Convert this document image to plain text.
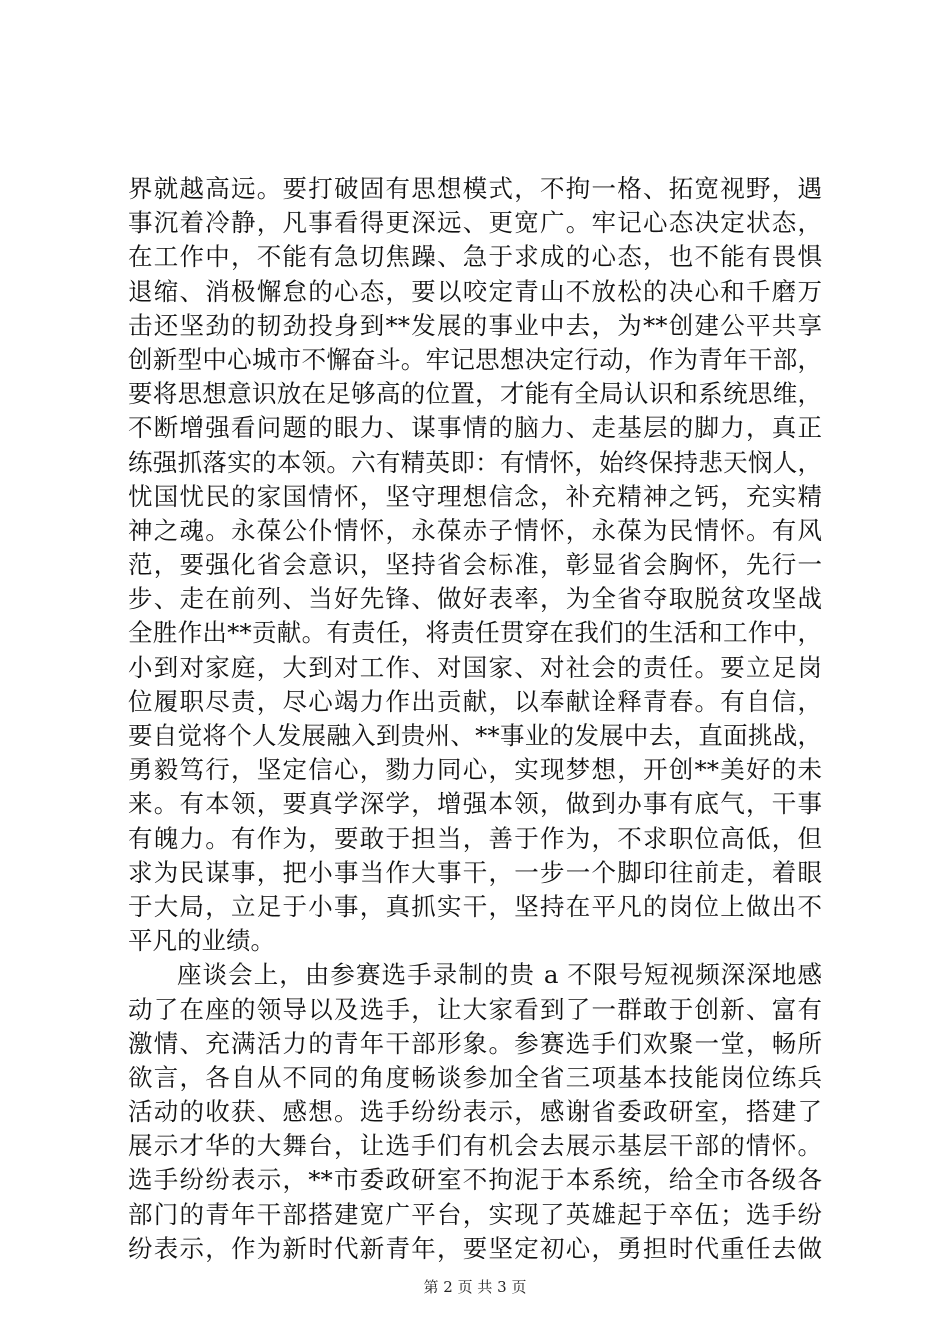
界就越高远。要打破固有思想模式，不拘一格、拓宽视野，遇
事沉着冷静，凡事看得更深远、更宽广。牢记心态决定状态，
在工作中，不能有急切焦躁、急于求成的心态，也不能有畏惧
退缩、消极懈怠的心态，要以咬定青山不放松的决心和千磨万
击还坚劲的韧劲投身到**发展的事业中去，为**创建公平共享
创新型中心城市不懈奋斗。牢记思想决定行动，作为青年干部，
要将思想意识放在足够高的位置，才能有全局认识和系统思维，
不断增强看问题的眼力、谋事情的脑力、走基层的脚力，真正
练强抓落实的本领。六有精英即：有情怀，始终保持悲天悯人，
忧国忧民的家国情怀，坚守理想信念，补充精神之钙，充实精
神之魂。永葆公仆情怀，永葆赤子情怀，永葆为民情怀。有风
范，要强化省会意识，坚持省会标准，彰显省会胸怀，先行一
步、走在前列、当好先锋、做好表率，为全省夺取脱贫攻坚战
全胜作出**贡献。有责任，将责任贯穿在我们的生活和工作中，
小到对家庭，大到对工作、对国家、对社会的责任。要立足岗
位履职尽责，尽心竭力作出贡献，以奉献诠释青春。有自信，
要自觉将个人发展融入到贵州、**事业的发展中去，直面挑战，
勇毅笃行，坚定信心，勠力同心，实现梦想，开创**美好的未
来。有本领，要真学深学，增强本领，做到办事有底气，干事
有魄力。有作为，要敢于担当，善于作为，不求职位高低，但
求为民谋事，把小事当作大事干，一步一个脚印往前走，着眼
于大局，立足于小事，真抓实干，坚持在平凡的岗位上做出不
平凡的业绩。
座谈会上，由参赛选手录制的贵 a 不限号短视频深深地感
动了在座的领导以及选手，让大家看到了一群敢于创新、富有
激情、充满活力的青年干部形象。参赛选手们欢聚一堂，畅所
欲言，各自从不同的角度畅谈参加全省三项基本技能岗位练兵
活动的收获、感想。选手纷纷表示，感谢省委政研室，搭建了
展示才华的大舞台，让选手们有机会去展示基层干部的情怀。
选手纷纷表示，**市委政研室不拘泥于本系统，给全市各级各
部门的青年干部搭建宽广平台，实现了英雄起于卒伍；选手纷
纷表示，作为新时代新青年，要坚定初心，勇担时代重任去做
第 2 页 共 3 页
